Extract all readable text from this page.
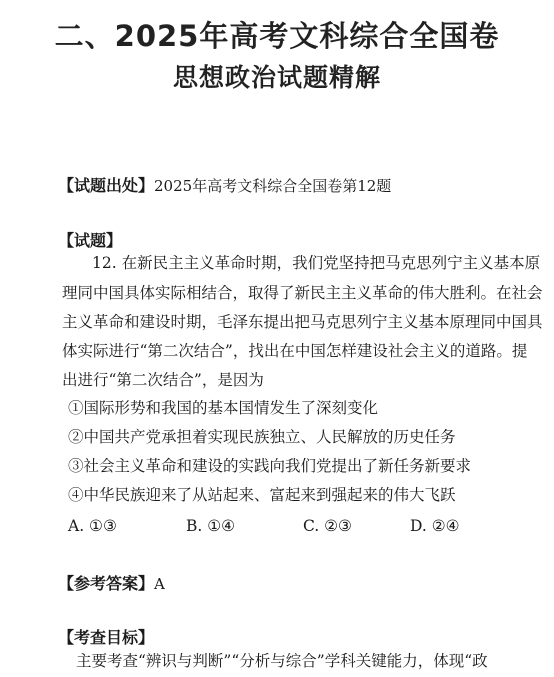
二、2025年高考文科综合全国卷
思想政治试题精解
【试题出处】2025年高考文科综合全国卷第12题
【试题】
12. 在新民主主义革命时期，我们党坚持把马克思列宁主义基本原
理同中国具体实际相结合，取得了新民主主义革命的伟大胜利。在社会
主义革命和建设时期，毛泽东提出把马克思列宁主义基本原理同中国具
体实际进行“第二次结合”，找出在中国怎样建设社会主义的道路。提
出进行“第二次结合”，是因为
①国际形势和我国的基本国情发生了深刻变化
②中国共产党承担着实现民族独立、人民解放的历史任务
③社会主义革命和建设的实践向我们党提出了新任务新要求
④中华民族迎来了从站起来、富起来到强起来的伟大飞跃
A. ①③	B. ①④	C. ②③	D. ②④
【参考答案】A
【考查目标】
主要考查“辨识与判断”“分析与综合”学科关键能力，体现“政
